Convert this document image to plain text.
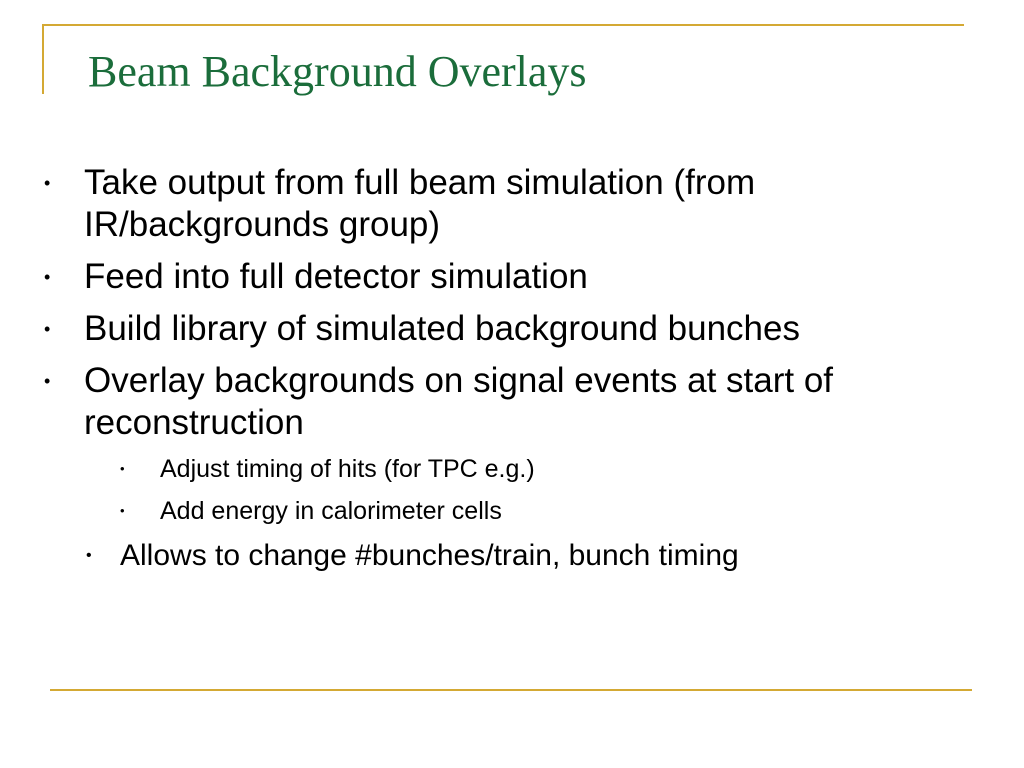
Beam Background Overlays
• Take output from full beam simulation (from IR/backgrounds group)
• Feed into full detector simulation
• Build library of simulated background bunches
• Overlay backgrounds on signal events at start of reconstruction
• Adjust timing of hits (for TPC e.g.)
• Add energy in calorimeter cells
• Allows to change #bunches/train, bunch timing
